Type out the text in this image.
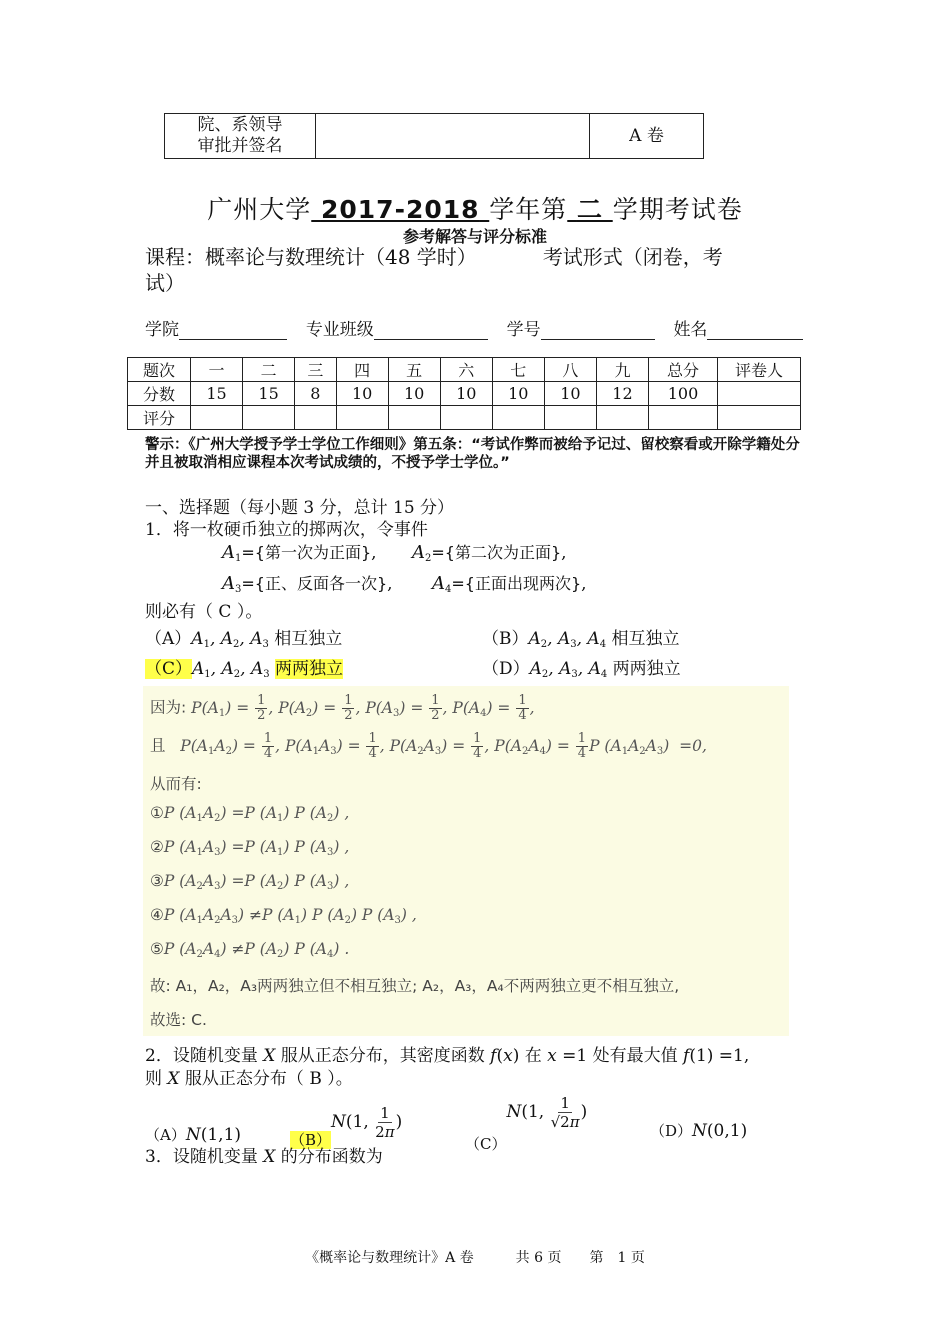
院、系领导
审批并签名
		A 卷
广州大学 2017-2018 学年第 二 学期考试卷
参考解答与评分标准
课程：概率论与数理统计（48 学时）	考试形式（闭卷，考
试）
学院	专业班级	学号	姓名
题次	一	二	三	四	五	六	七	八	九	总分	评卷人
分数	15	15	8	10	10	10	10	10	12	100	
评分											
警示：《广州大学授予学士学位工作细则》第五条：“考试作弊而被给予记过、留校察看或开除学籍处分并且被取消相应课程本次考试成绩的，不授予学士学位。”
一、选择题（每小题 3 分，总计 15 分）
1．将一枚硬币独立的掷两次，令事件
$A_1=${第一次为正面}, $A_2=${第二次为正面},
$A_3=${正、反面各一次}, $A_4=${正面出现两次},
则必有（ C ）。
$(A)A_1$, $A_2$, $A_3$ 相互独立	$(B)A_2$, $A_3$, $A_4$ 相互独立
$(C)A_1$, $A_2$, $A_3$ 两两独立	$(D)A_2$, $A_3$, $A_4$ 两两独立
因为: $P(A_1) = \frac{1}{2}$ , $P(A_2) = \frac{1}{2}$ , $P(A_3) = \frac{1}{2}$ , $P(A_4) = \frac{1}{4}$ ,
且   $P(A_1A_2) = \frac{1}{4}$ , $P(A_1A_3) = \frac{1}{4}$ , $P(A_2A_3) = \frac{1}{4}$ , $P(A_2A_4) = \frac{1}{4}$ P $(A_1A_2A_3) =0$,
从而有:
①P $(A_1A_2) =P$ $(A_1)$ P $(A_2)$ ,
②P $(A_1A_3) =P$ $(A_1)$ P $(A_3)$ ,
③P $(A_2A_3) =P$ $(A_2)$ P $(A_3)$ ,
④P $(A_1A_2A_3) \ne P$ $(A_1)$ P $(A_2)$ P $(A_3)$ ,
⑤P $(A_2A_4) \ne P$ $(A_2)$ P $(A_4)$ .
故: A₁，A₂，A₃两两独立但不相互独立; A₂，A₃，A₄不两两独立更不相互独立,
故选: C.
2．设随机变量 X 服从正态分布，其密度函数 f(x) 在 x =1 处有最大值 f(1) =1,
则 X 服从正态分布（ B ）。
（A）N(1,1)	（B）N(1, $\frac{1}{2\pi}$ )
（C）N(1, $\frac{1}{√2\pi}$ )
（D）N(0,1)
3．设随机变量 X 的分布函数为
《概率论与数理统计》A 卷　　　共 6 页　　第　1 页
